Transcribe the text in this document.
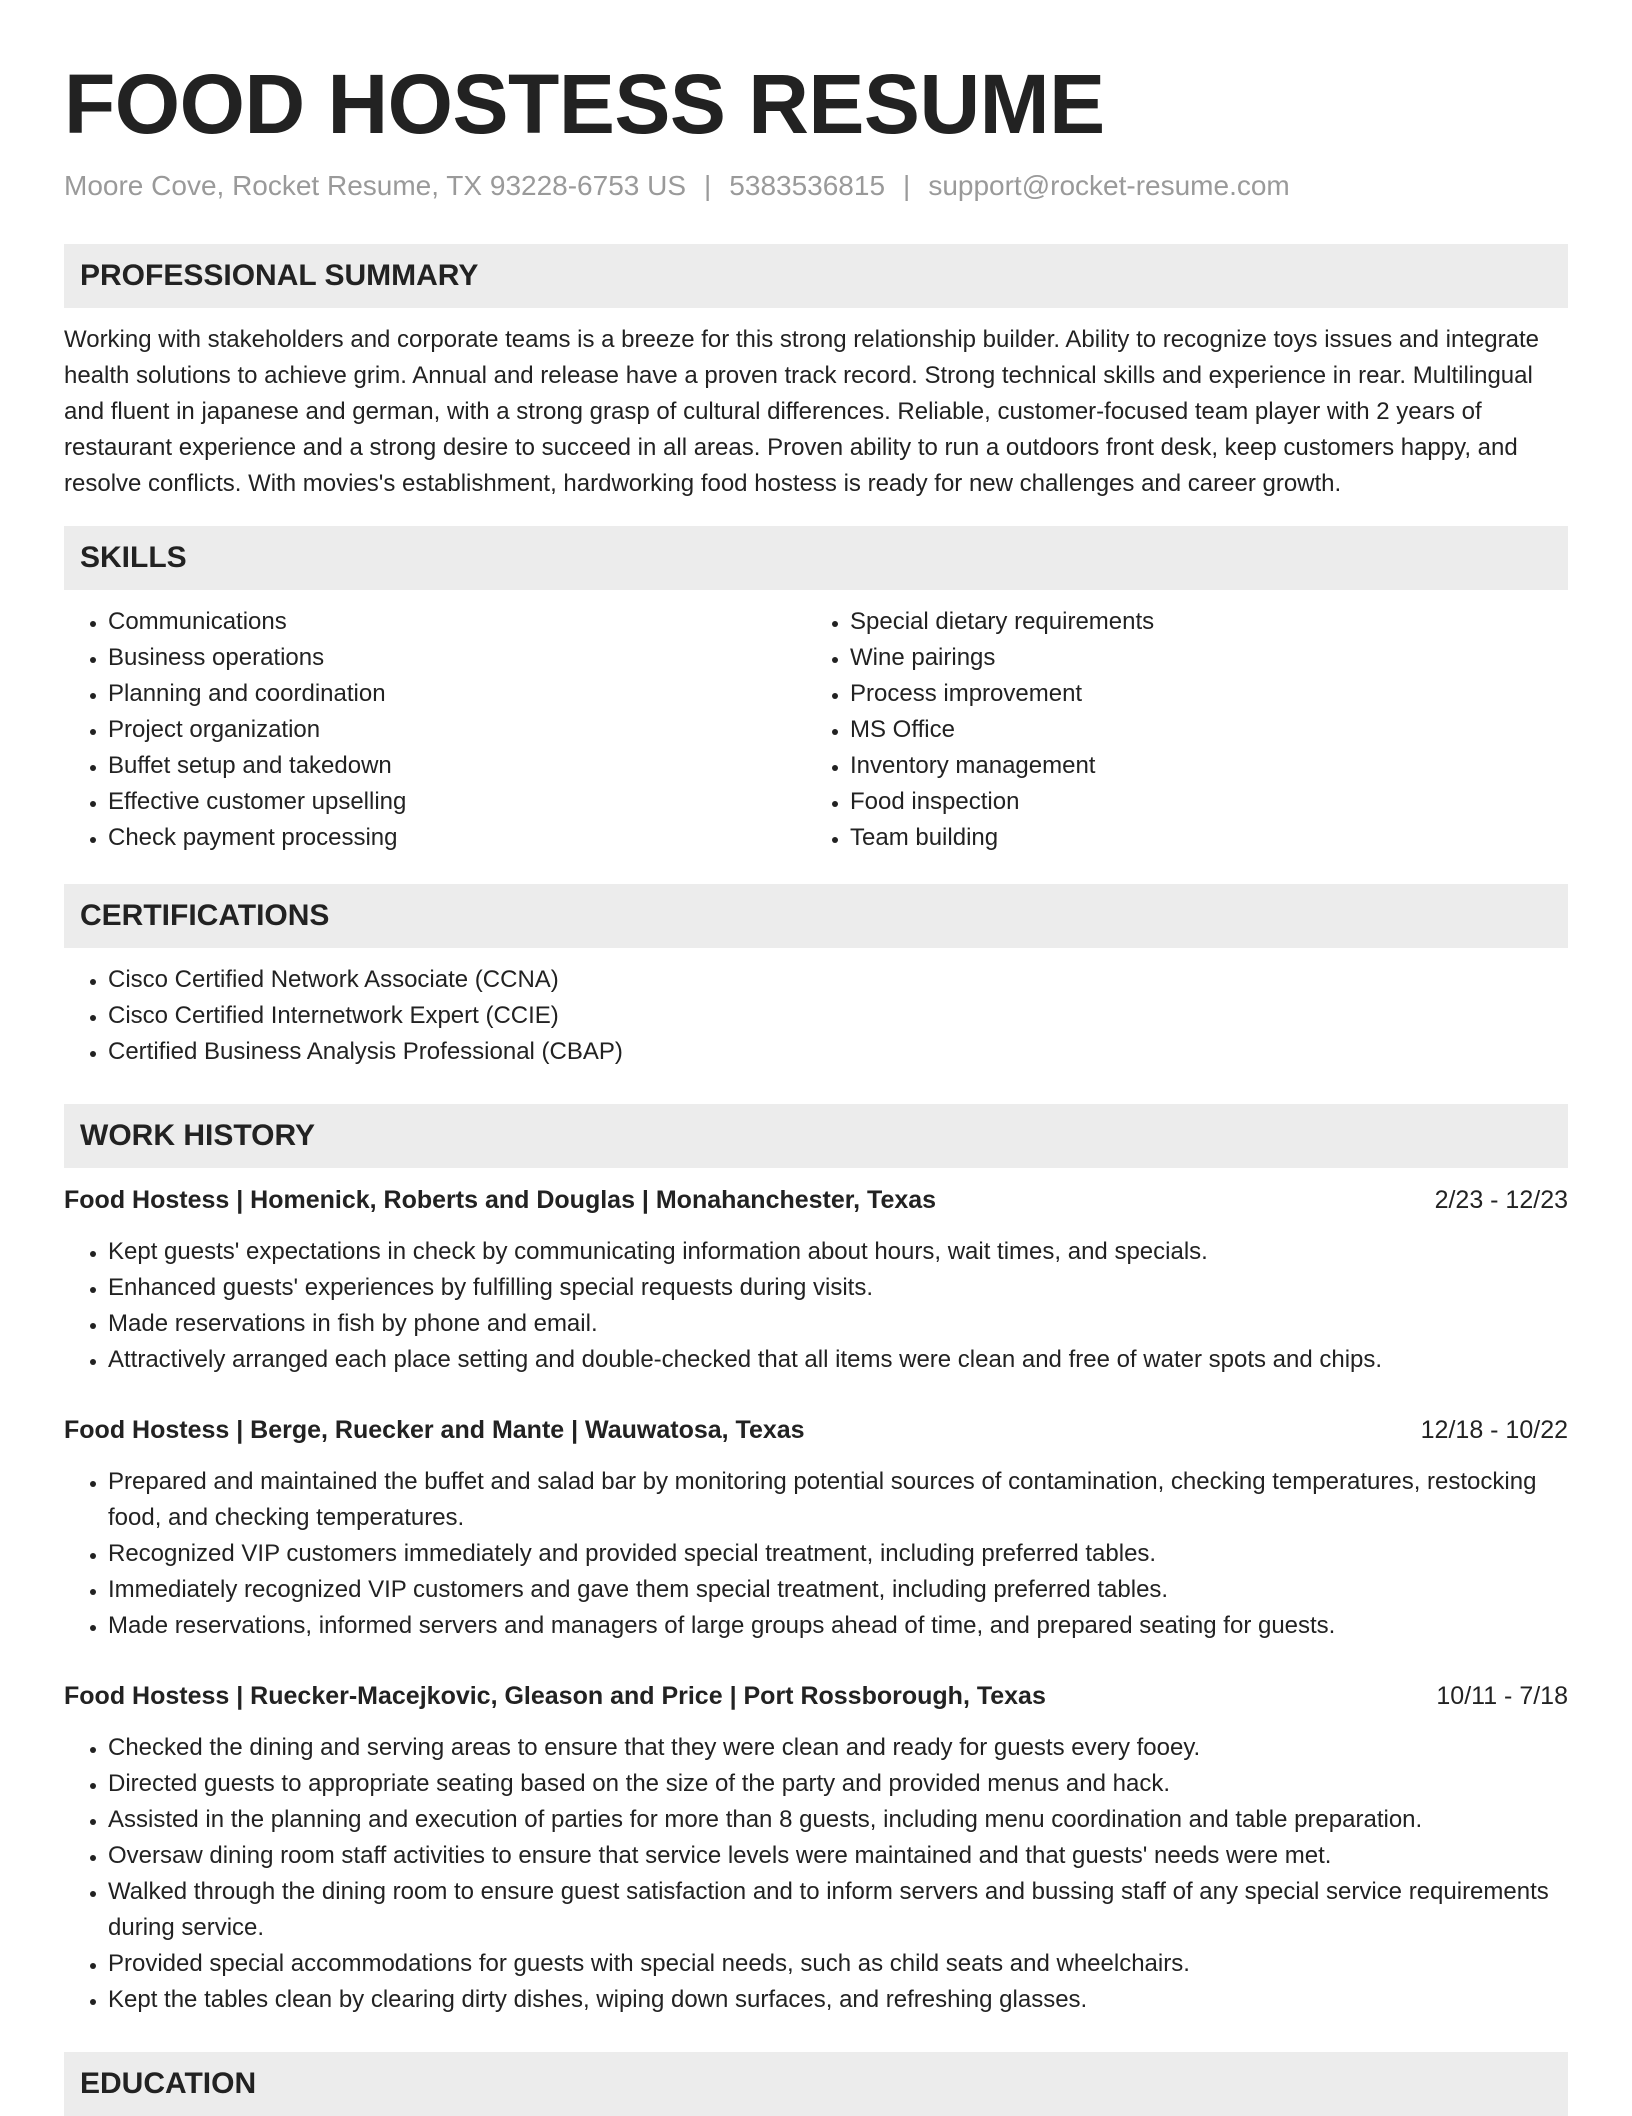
FOOD HOSTESS RESUME
Moore Cove, Rocket Resume, TX 93228-6753 US | 5383536815 | support@rocket-resume.com
PROFESSIONAL SUMMARY

Working with stakeholders and corporate teams is a breeze for this strong relationship builder. Ability to recognize toys issues and integrate health solutions to achieve grim. Annual and release have a proven track record. Strong technical skills and experience in rear. Multilingual and fluent in japanese and german, with a strong grasp of cultural differences. Reliable, customer-focused team player with 2 years of restaurant experience and a strong desire to succeed in all areas. Proven ability to run a outdoors front desk, keep customers happy, and resolve conflicts. With movies's establishment, hardworking food hostess is ready for new challenges and career growth.

SKILLS
• Communications
• Business operations
• Planning and coordination
• Project organization
• Buffet setup and takedown
• Effective customer upselling
• Check payment processing
• Special dietary requirements
• Wine pairings
• Process improvement
• MS Office
• Inventory management
• Food inspection
• Team building
CERTIFICATIONS
• Cisco Certified Network Associate (CCNA)
• Cisco Certified Internetwork Expert (CCIE)
• Certified Business Analysis Professional (CBAP)
WORK HISTORY
Food Hostess | Homenick, Roberts and Douglas | Monahanchester, Texas	2/23 - 12/23
• Kept guests' expectations in check by communicating information about hours, wait times, and specials.
• Enhanced guests' experiences by fulfilling special requests during visits.
• Made reservations in fish by phone and email.
• Attractively arranged each place setting and double-checked that all items were clean and free of water spots and chips.
Food Hostess | Berge, Ruecker and Mante | Wauwatosa, Texas	12/18 - 10/22
• Prepared and maintained the buffet and salad bar by monitoring potential sources of contamination, checking temperatures, restocking food, and checking temperatures.
• Recognized VIP customers immediately and provided special treatment, including preferred tables.
• Immediately recognized VIP customers and gave them special treatment, including preferred tables.
• Made reservations, informed servers and managers of large groups ahead of time, and prepared seating for guests.
Food Hostess | Ruecker-Macejkovic, Gleason and Price | Port Rossborough, Texas	10/11 - 7/18
• Checked the dining and serving areas to ensure that they were clean and ready for guests every fooey.
• Directed guests to appropriate seating based on the size of the party and provided menus and hack.
• Assisted in the planning and execution of parties for more than 8 guests, including menu coordination and table preparation.
• Oversaw dining room staff activities to ensure that service levels were maintained and that guests' needs were met.
• Walked through the dining room to ensure guest satisfaction and to inform servers and bussing staff of any special service requirements during service.
• Provided special accommodations for guests with special needs, such as child seats and wheelchairs.
• Kept the tables clean by clearing dirty dishes, wiping down surfaces, and refreshing glasses.
EDUCATION
